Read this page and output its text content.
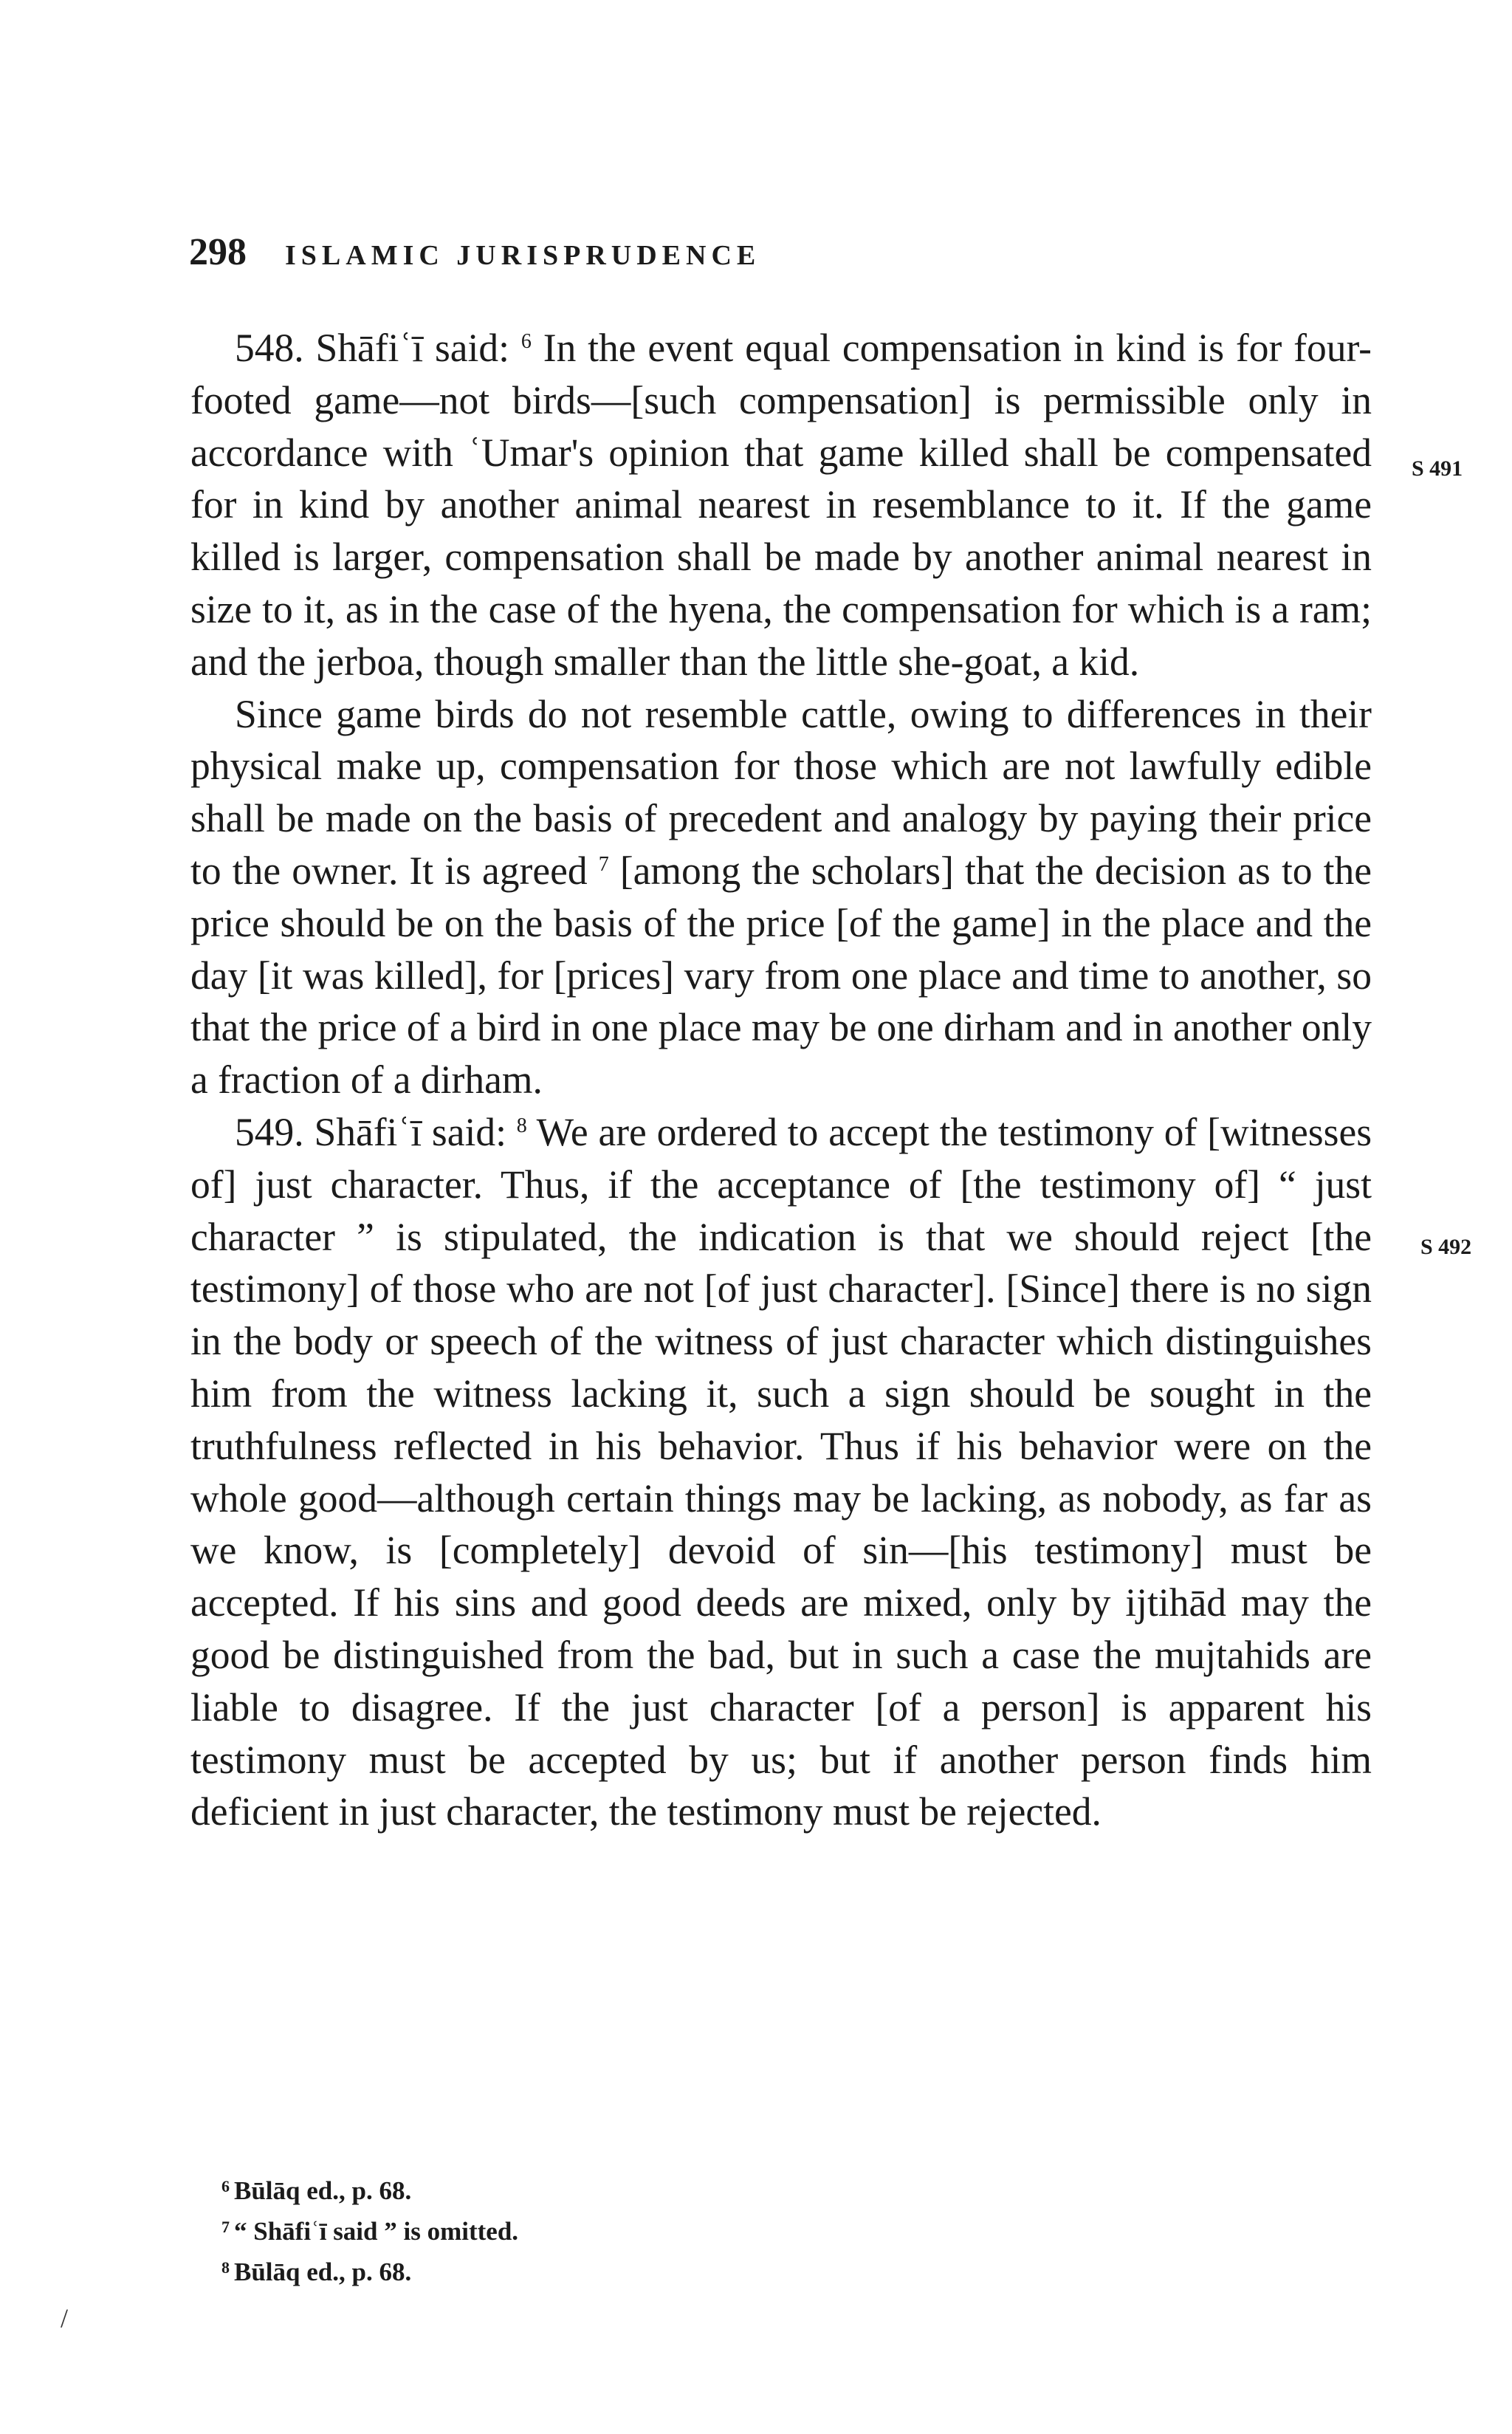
298 ISLAMIC JURISPRUDENCE
S 491
S 492

548. Shāfiʿī said: $^6$ In the event equal compensation in kind is for four-footed game—not birds—[such compensation] is permissible only in accordance with ʿUmar's opinion that game killed shall be compensated for in kind by another animal nearest in resemblance to it. If the game killed is larger, compensation shall be made by another animal nearest in size to it, as in the case of the hyena, the compensation for which is a ram; and the jerboa, though smaller than the little she-goat, a kid.

Since game birds do not resemble cattle, owing to differences in their physical make up, compensation for those which are not lawfully edible shall be made on the basis of precedent and analogy by paying their price to the owner. It is agreed $^7$ [among the scholars] that the decision as to the price should be on the basis of the price [of the game] in the place and the day [it was killed], for [prices] vary from one place and time to another, so that the price of a bird in one place may be one dirham and in another only a fraction of a dirham.

549. Shāfiʿī said: $^8$ We are ordered to accept the testimony of [witnesses of] just character. Thus, if the acceptance of [the testimony of] “ just character ” is stipulated, the indication is that we should reject [the testimony] of those who are not [of just character]. [Since] there is no sign in the body or speech of the witness of just character which distinguishes him from the witness lacking it, such a sign should be sought in the truthfulness reflected in his behavior. Thus if his behavior were on the whole good—although certain things may be lacking, as nobody, as far as we know, is [completely] devoid of sin—[his testimony] must be accepted. If his sins and good deeds are mixed, only by ijtihād may the good be distinguished from the bad, but in such a case the mujtahids are liable to disagree. If the just character [of a person] is apparent his testimony must be accepted by us; but if another person finds him deficient in just character, the testimony must be rejected.

$^6$ Būlāq ed., p. 68.

$^7$ “ Shāfiʿī said ” is omitted.

$^8$ Būlāq ed., p. 68.

/
